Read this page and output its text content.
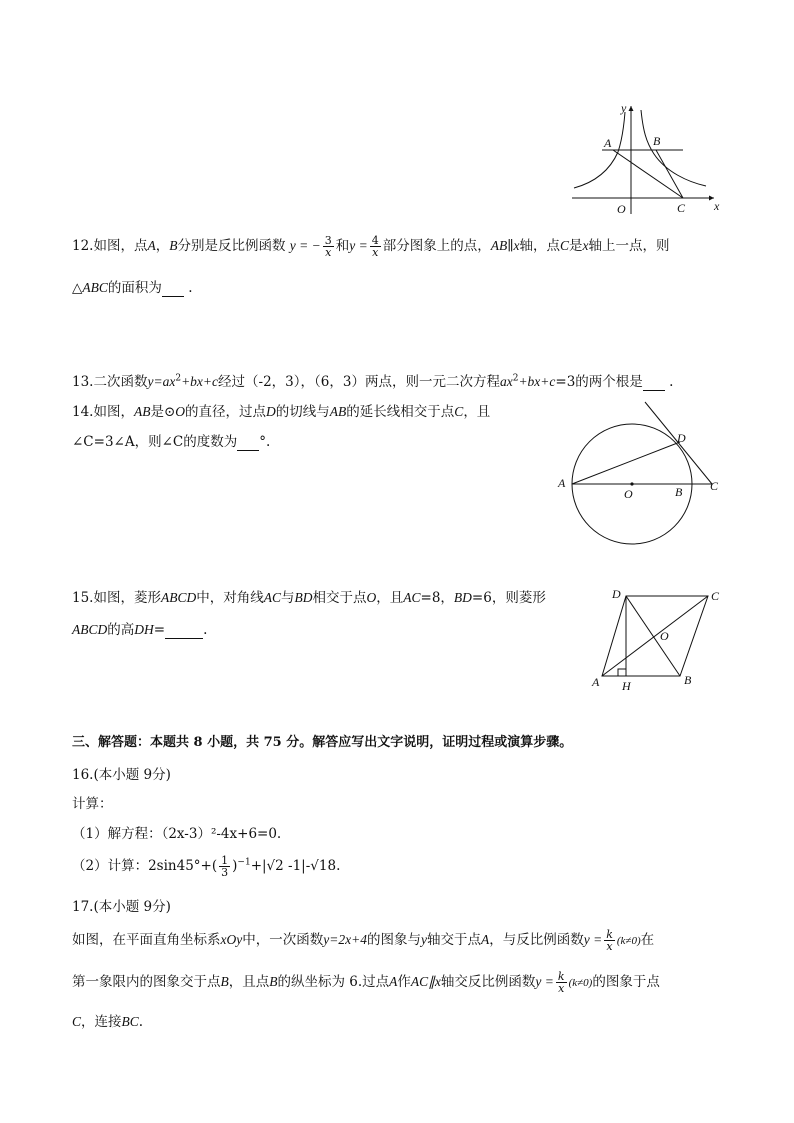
y
A	B
O	C x
12.如图，点A，B分别是反比例函数 y = − $\frac{3}{x}$ 和$y = \frac{4}{x}$ 部分图象上的点，AB∥x轴，点C是x轴上一点，则
△ABC的面积为 .
13.二次函数$y=ax^2+bx+c$经过（-2，3），（6，3）两点，则一元二次方程$ax^2+bx+c=3$的两个根是 .
14.如图，AB是⊙O的直径，过点D的切线与AB的延长线相交于点C，且
∠C=3∠A，则∠C的度数为 °.
A
O	B C
D
15.如图，菱形ABCD中，对角线AC与BD相交于点O，且AC=8，BD=6，则菱形
ABCD的高DH=	.
D	C
O
A H	B
三、解答题：本题共 8 小题，共 75 分。解答应写出文字说明，证明过程或演算步骤。
16.(本小题 9分)
计算：
（1）解方程：（2x-3）²-4x+6=0.
（2）计算：$2\sin 45^\circ+( \frac{1}{3} )^{-1}+|√2$ -1|-√18.
17.(本小题 9分)
如图，在平面直角坐标系xOy中，一次函数y=2x+4的图象与y轴交于点A，与反比例函数$y = \frac{k}{x} (k\ne 0)$在
第一象限内的图象交于点B，且点B的纵坐标为 6.过点A作AC∥x轴交反比例函数$y = \frac{k}{x} (k\ne 0)$的图象于点
C，连接BC.
